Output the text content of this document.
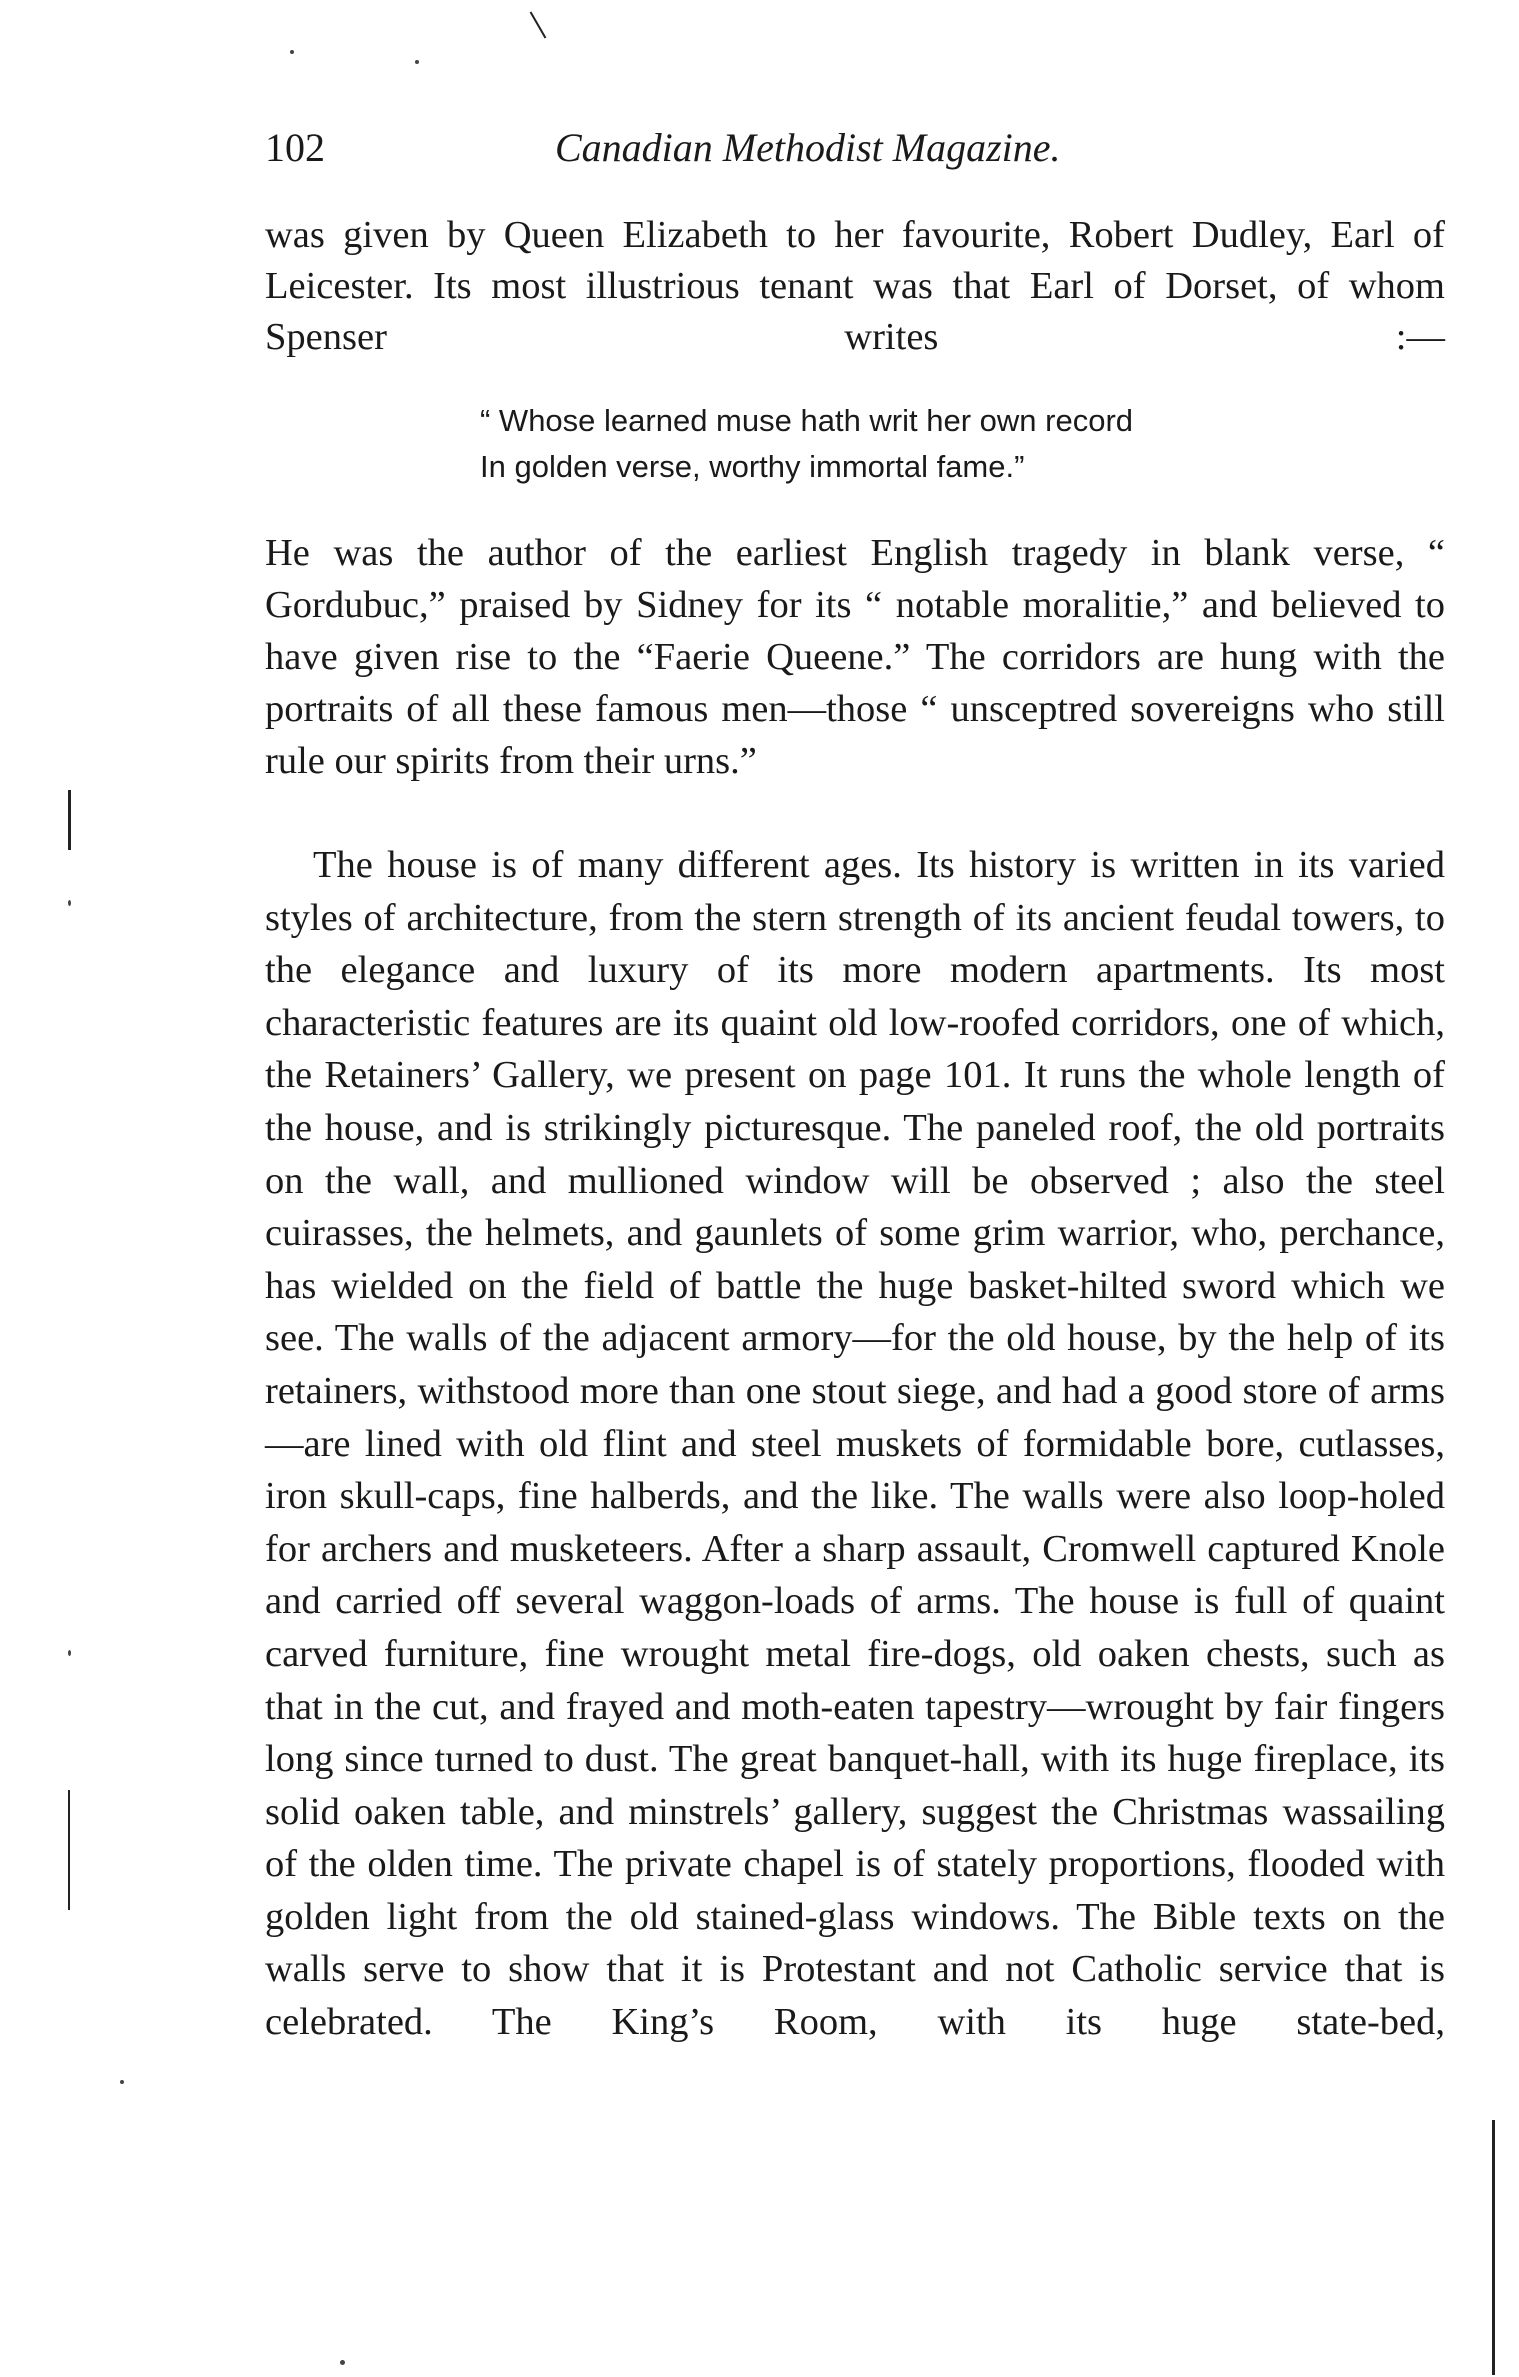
102	Canadian Methodist Magazine.
was given by Queen Elizabeth to her favourite, Robert Dudley, Earl of Leicester. Its most illustrious tenant was that Earl of Dorset, of whom Spenser writes :—
“ Whose learned muse hath writ her own record
In golden verse, worthy immortal fame.”
He was the author of the earliest English tragedy in blank verse, “ Gordubuc,” praised by Sidney for its “ notable moralitie,” and believed to have given rise to the “Faerie Queene.” The corridors are hung with the portraits of all these famous men—those “ unsceptred sovereigns who still rule our spirits from their urns.”
The house is of many different ages. Its history is written in its varied styles of architecture, from the stern strength of its ancient feudal towers, to the elegance and luxury of its more modern apartments. Its most characteristic features are its quaint old low-roofed corridors, one of which, the Retainers’ Gallery, we present on page 101. It runs the whole length of the house, and is strikingly picturesque. The paneled roof, the old portraits on the wall, and mullioned window will be observed ; also the steel cuirasses, the helmets, and gaunlets of some grim warrior, who, perchance, has wielded on the field of battle the huge basket-hilted sword which we see. The walls of the adjacent armory—for the old house, by the help of its retainers, withstood more than one stout siege, and had a good store of arms—are lined with old flint and steel muskets of formidable bore, cutlasses, iron skull-caps, fine halberds, and the like. The walls were also loop-holed for archers and musketeers. After a sharp assault, Cromwell captured Knole and carried off several waggon-loads of arms. The house is full of quaint carved furniture, fine wrought metal fire-dogs, old oaken chests, such as that in the cut, and frayed and moth-eaten tapestry—wrought by fair fingers long since turned to dust. The great banquet-hall, with its huge fireplace, its solid oaken table, and minstrels’ gallery, suggest the Christmas wassailing of the olden time. The private chapel is of stately proportions, flooded with golden light from the old stained-glass windows. The Bible texts on the walls serve to show that it is Protestant and not Catholic service that is celebrated. The King’s Room, with its huge state-bed,
